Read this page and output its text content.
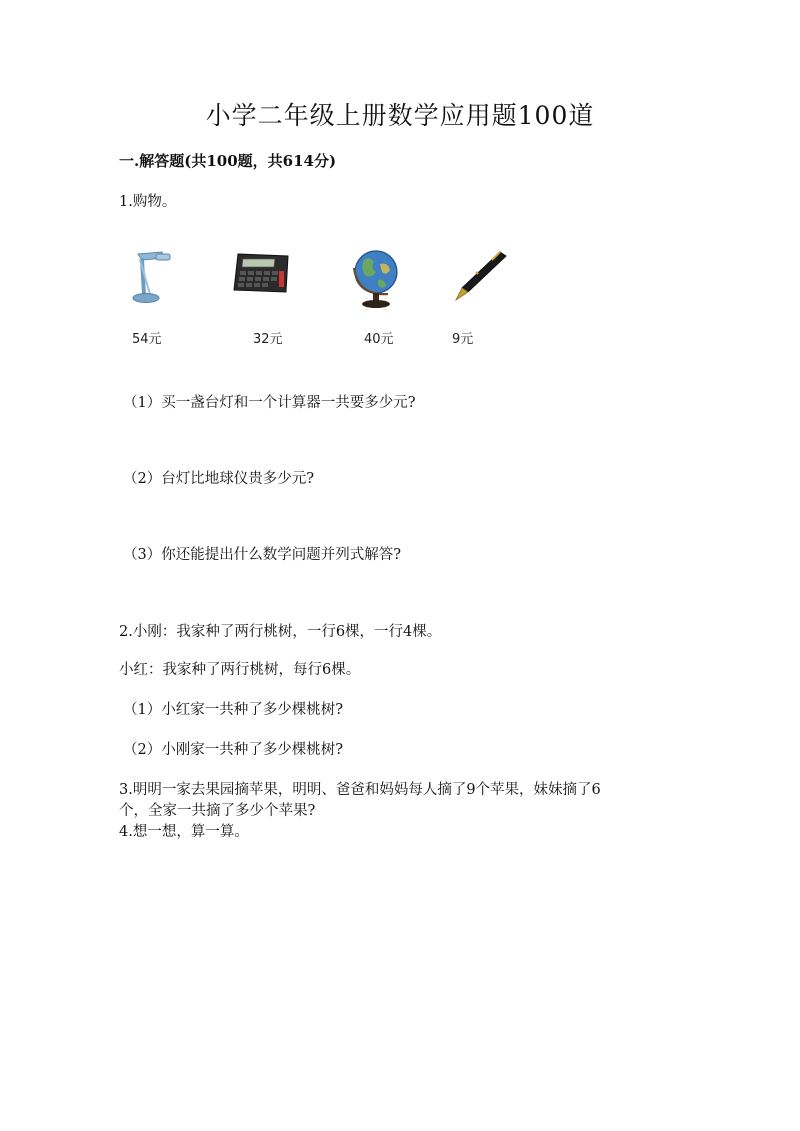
小学二年级上册数学应用题100道

一.解答题(共100题，共614分)

1.购物。

54元	32元	40元	9元

（1）买一盏台灯和一个计算器一共要多少元?

（2）台灯比地球仪贵多少元?

（3）你还能提出什么数学问题并列式解答?

2.小刚：我家种了两行桃树，一行6棵，一行4棵。

小红：我家种了两行桃树，每行6棵。

（1）小红家一共种了多少棵桃树?

（2）小刚家一共种了多少棵桃树?

3.明明一家去果园摘苹果，明明、爸爸和妈妈每人摘了9个苹果，妹妹摘了6

个，全家一共摘了多少个苹果?

4.想一想，算一算。
